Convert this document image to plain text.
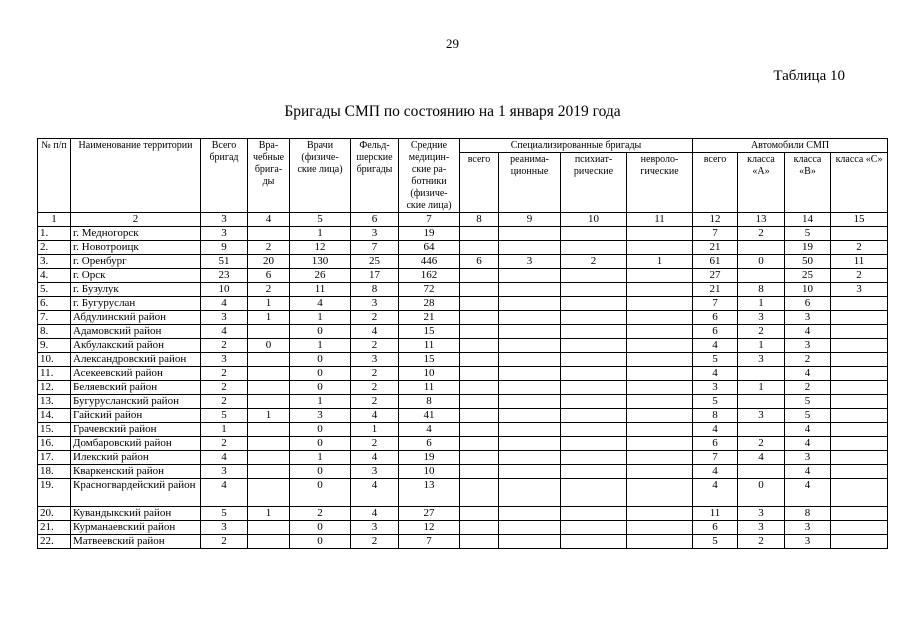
29
Таблица 10
Бригады СМП по состоянию на 1 января 2019 года
№ п/п	Наименование территории	Всего бригад	Вра-чебные брига-ды	Врачи (физиче-ские лица)	Фельд-шерские бригады	Средние медицин-ские ра-ботники (физиче-ские лица)	Специализированные бригады				Автомобили СМП			
							всего	реанима-ционные	психиат-рические	невроло-гические	всего	класса «А»	класса «В»	класса «С»
1	2	3	4	5	6	7	8	9	10	11	12	13	14	15
1.	г. Медногорск	3		1	3	19					7	2	5	
2.	г. Новотроицк	9	2	12	7	64					21		19	2
3.	г. Оренбург	51	20	130	25	446	6	3	2	1	61	0	50	11
4.	г. Орск	23	6	26	17	162					27		25	2
5.	г. Бузулук	10	2	11	8	72					21	8	10	3
6.	г. Бугуруслан	4	1	4	3	28					7	1	6	
7.	Абдулинский район	3	1	1	2	21					6	3	3	
8.	Адамовский район	4		0	4	15					6	2	4	
9.	Акбулакский район	2	0	1	2	11					4	1	3	
10.	Александровский район	3		0	3	15					5	3	2	
11.	Асекеевский район	2		0	2	10					4		4	
12.	Беляевский район	2		0	2	11					3	1	2	
13.	Бугурусланский район	2		1	2	8					5		5	
14.	Гайский район	5	1	3	4	41					8	3	5	
15.	Грачевский район	1		0	1	4					4		4	
16.	Домбаровский район	2		0	2	6					6	2	4	
17.	Илекский район	4		1	4	19					7	4	3	
18.	Кваркенский район	3		0	3	10					4		4	
19.	Красногвардейский район	4		0	4	13					4	0	4	
20.	Кувандыкский район	5	1	2	4	27					11	3	8	
21.	Курманаевский район	3		0	3	12					6	3	3	
22.	Матвеевский район	2		0	2	7					5	2	3	
